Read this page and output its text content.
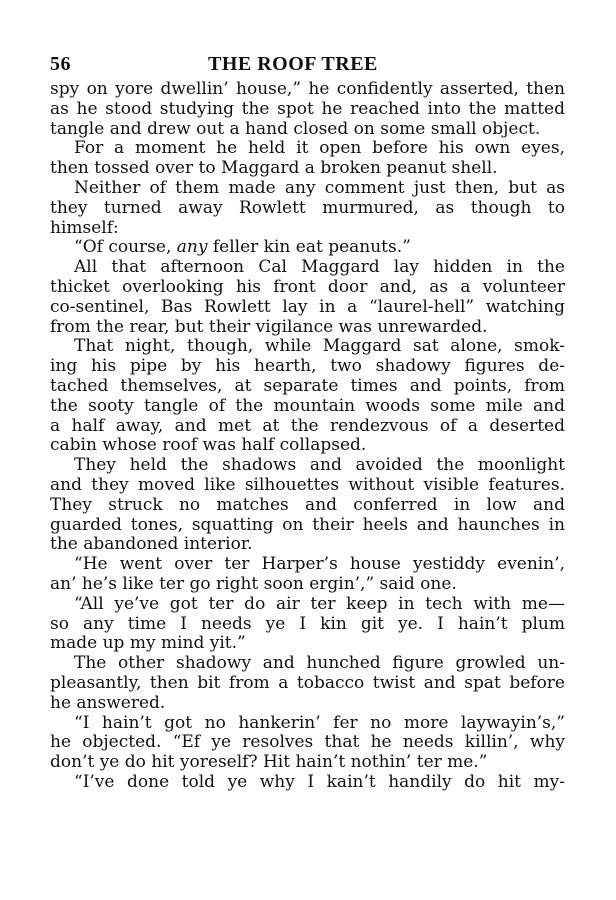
56	THE ROOF TREE
spy on yore dwellin’ house,” he confidently asserted, then
as he stood studying the spot he reached into the matted
tangle and drew out a hand closed on some small object.
For a moment he held it open before his own eyes,
then tossed over to Maggard a broken peanut shell.
Neither of them made any comment just then, but as
they turned away Rowlett murmured, as though to
himself:
“Of course, any feller kin eat peanuts.”
All that afternoon Cal Maggard lay hidden in the
thicket overlooking his front door and, as a volunteer
co-sentinel, Bas Rowlett lay in a “laurel-hell” watching
from the rear, but their vigilance was unrewarded.
That night, though, while Maggard sat alone, smok-
ing his pipe by his hearth, two shadowy figures de-
tached themselves, at separate times and points, from
the sooty tangle of the mountain woods some mile and
a half away, and met at the rendezvous of a deserted
cabin whose roof was half collapsed.
They held the shadows and avoided the moonlight
and they moved like silhouettes without visible features.
They struck no matches and conferred in low and
guarded tones, squatting on their heels and haunches in
the abandoned interior.
“He went over ter Harper’s house yestiddy evenin’,
an’ he’s like ter go right soon ergin’,” said one.
“All ye’ve got ter do air ter keep in tech with me—
so any time I needs ye I kin git ye. I hain’t plum
made up my mind yit.”
The other shadowy and hunched figure growled un-
pleasantly, then bit from a tobacco twist and spat before
he answered.
“I hain’t got no hankerin’ fer no more laywayin’s,”
he objected. “Ef ye resolves that he needs killin’, why
don’t ye do hit yoreself? Hit hain’t nothin’ ter me.”
“I’ve done told ye why I kain’t handily do hit my-
